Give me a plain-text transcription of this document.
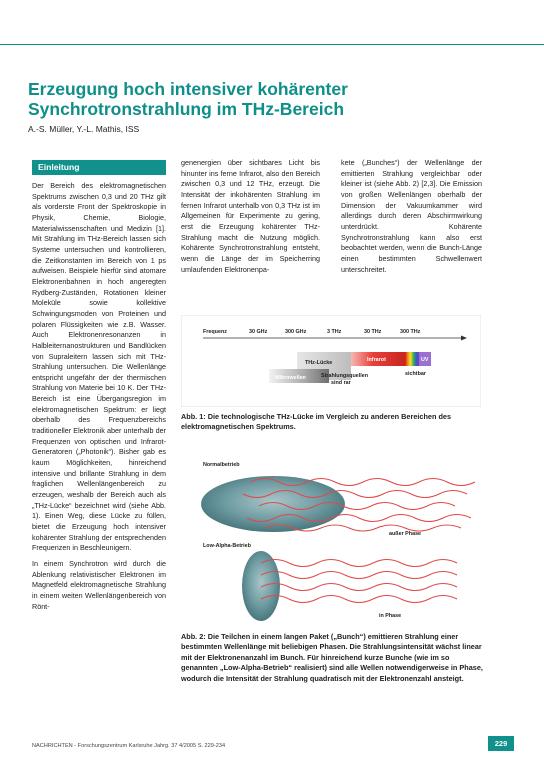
Erzeugung hoch intensiver kohärenter
Synchrotronstrahlung im THz-Bereich
A.-S. Müller, Y.-L. Mathis, ISS
Einleitung

Der Bereich des elektromagnetischen Spektrums zwischen 0,3 und 20 THz gilt als vorderste Front der Spektroskopie in Physik, Chemie, Biologie, Materialwissenschaften und Medizin [1]. Mit Strahlung im THz-Bereich lassen sich Systeme untersuchen und kontrollieren, die Zeitkonstanten im Bereich von 1 ps aufweisen. Beispiele hierfür sind atomare Elektronenbahnen in hoch angeregten Rydberg-Zuständen, Rotationen kleiner Moleküle sowie kollektive Schwingungsmoden von Proteinen und polaren Flüssigkeiten wie z.B. Wasser. Auch Elektronenresonanzen in Halbleiternanostrukturen und Bandlücken von Supraleitern lassen sich mit THz-Strahlung untersuchen. Die Wellenlänge entspricht ungefähr der der thermischen Strahlung von Materie bei 10 K. Der THz-Bereich ist eine Übergangsregion im elektromagnetischen Spektrum: er liegt oberhalb des Frequenzbereichs traditioneller Elektronik aber unterhalb der Frequenzen von optischen und Infrarot-Generatoren („Photonik“). Bisher gab es kaum Möglichkeiten, hinreichend intensive und brillante Strahlung in dem fraglichen Wellenlängenbereich zu erzeugen, weshalb der Bereich auch als „THz-Lücke“ bezeichnet wird (siehe Abb. 1). Einen Weg, diese Lücke zu füllen, bietet die Erzeugung hoch intensiver kohärenter Strahlung der entsprechenden Frequenzen in Beschleunigern.

In einem Synchrotron wird durch die Ablenkung relativistischer Elektronen im Magnetfeld elektromagnetische Strahlung in einem weiten Wellenlängenbereich von Rönt-

genenergien über sichtbares Licht bis hinunter ins ferne Infrarot, also den Bereich zwischen 0,3 und 12 THz, erzeugt. Die Intensität der inkohärenten Strahlung im fernen Infrarot unterhalb von 0,3 THz ist im Allgemeinen für Experimente zu gering, erst die Erzeugung kohärenter THz-Strahlung macht die Nutzung möglich. Kohärente Synchrotronstrahlung entsteht, wenn die Länge der im Speicherring umlaufenden Elektronenpa-

kete („Bunches“) der Wellenlänge der emittierten Strahlung vergleichbar oder kleiner ist (siehe Abb. 2) [2,3]. Die Emission von großen Wellenlängen oberhalb der Dimension der Vakuumkammer wird allerdings durch deren Abschirmwirkung unterdrückt. Kohärente Synchrotronstrahlung kann also erst beobachtet werden, wenn die Bunch-Länge einen bestimmten Schwellenwert unterschreitet.

Frequenz	30 GHz	300 GHz	3 THz	30 THz	300 THz
THz-Lücke	Infrarot	UV
sichtbar
Mikrowellen	Strahlungsquellen
sind rar
Abb. 1: Die technologische THz-Lücke im Vergleich zu anderen Bereichen des elektromagnetischen Spektrums.
Normalbetrieb
außer Phase
Low-Alpha-Betrieb
in Phase
Abb. 2: Die Teilchen in einem langen Paket („Bunch“) emittieren Strahlung einer bestimmten Wellenlänge mit beliebigen Phasen. Die Strahlungsintensität wächst linear mit der Elektronenanzahl im Bunch. Für hinreichend kurze Bunche (wie im so genannten „Low-Alpha-Betrieb“ realisiert) sind alle Wellen notwendigerweise in Phase, wodurch die Intensität der Strahlung quadratisch mit der Elektronenzahl ansteigt.
NACHRICHTEN - Forschungszentrum Karlsruhe Jahrg. 37 4/2005 S. 229-234	229
